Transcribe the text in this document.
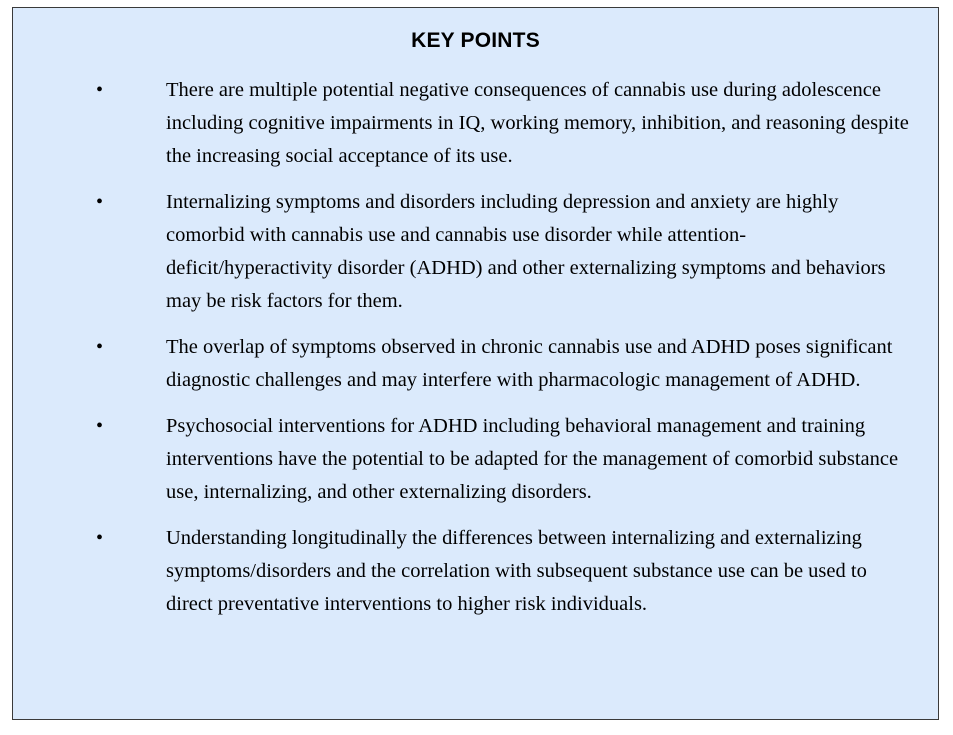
KEY POINTS
•	There are multiple potential negative consequences of cannabis use during adolescence including cognitive impairments in IQ, working memory, inhibition, and reasoning despite the increasing social acceptance of its use.
•	Internalizing symptoms and disorders including depression and anxiety are highly comorbid with cannabis use and cannabis use disorder while attention-deficit/hyperactivity disorder (ADHD) and other externalizing symptoms and behaviors may be risk factors for them.
•	The overlap of symptoms observed in chronic cannabis use and ADHD poses significant diagnostic challenges and may interfere with pharmacologic management of ADHD.
•	Psychosocial interventions for ADHD including behavioral management and training interventions have the potential to be adapted for the management of comorbid substance use, internalizing, and other externalizing disorders.
•	Understanding longitudinally the differences between internalizing and externalizing symptoms/disorders and the correlation with subsequent substance use can be used to direct preventative interventions to higher risk individuals.
